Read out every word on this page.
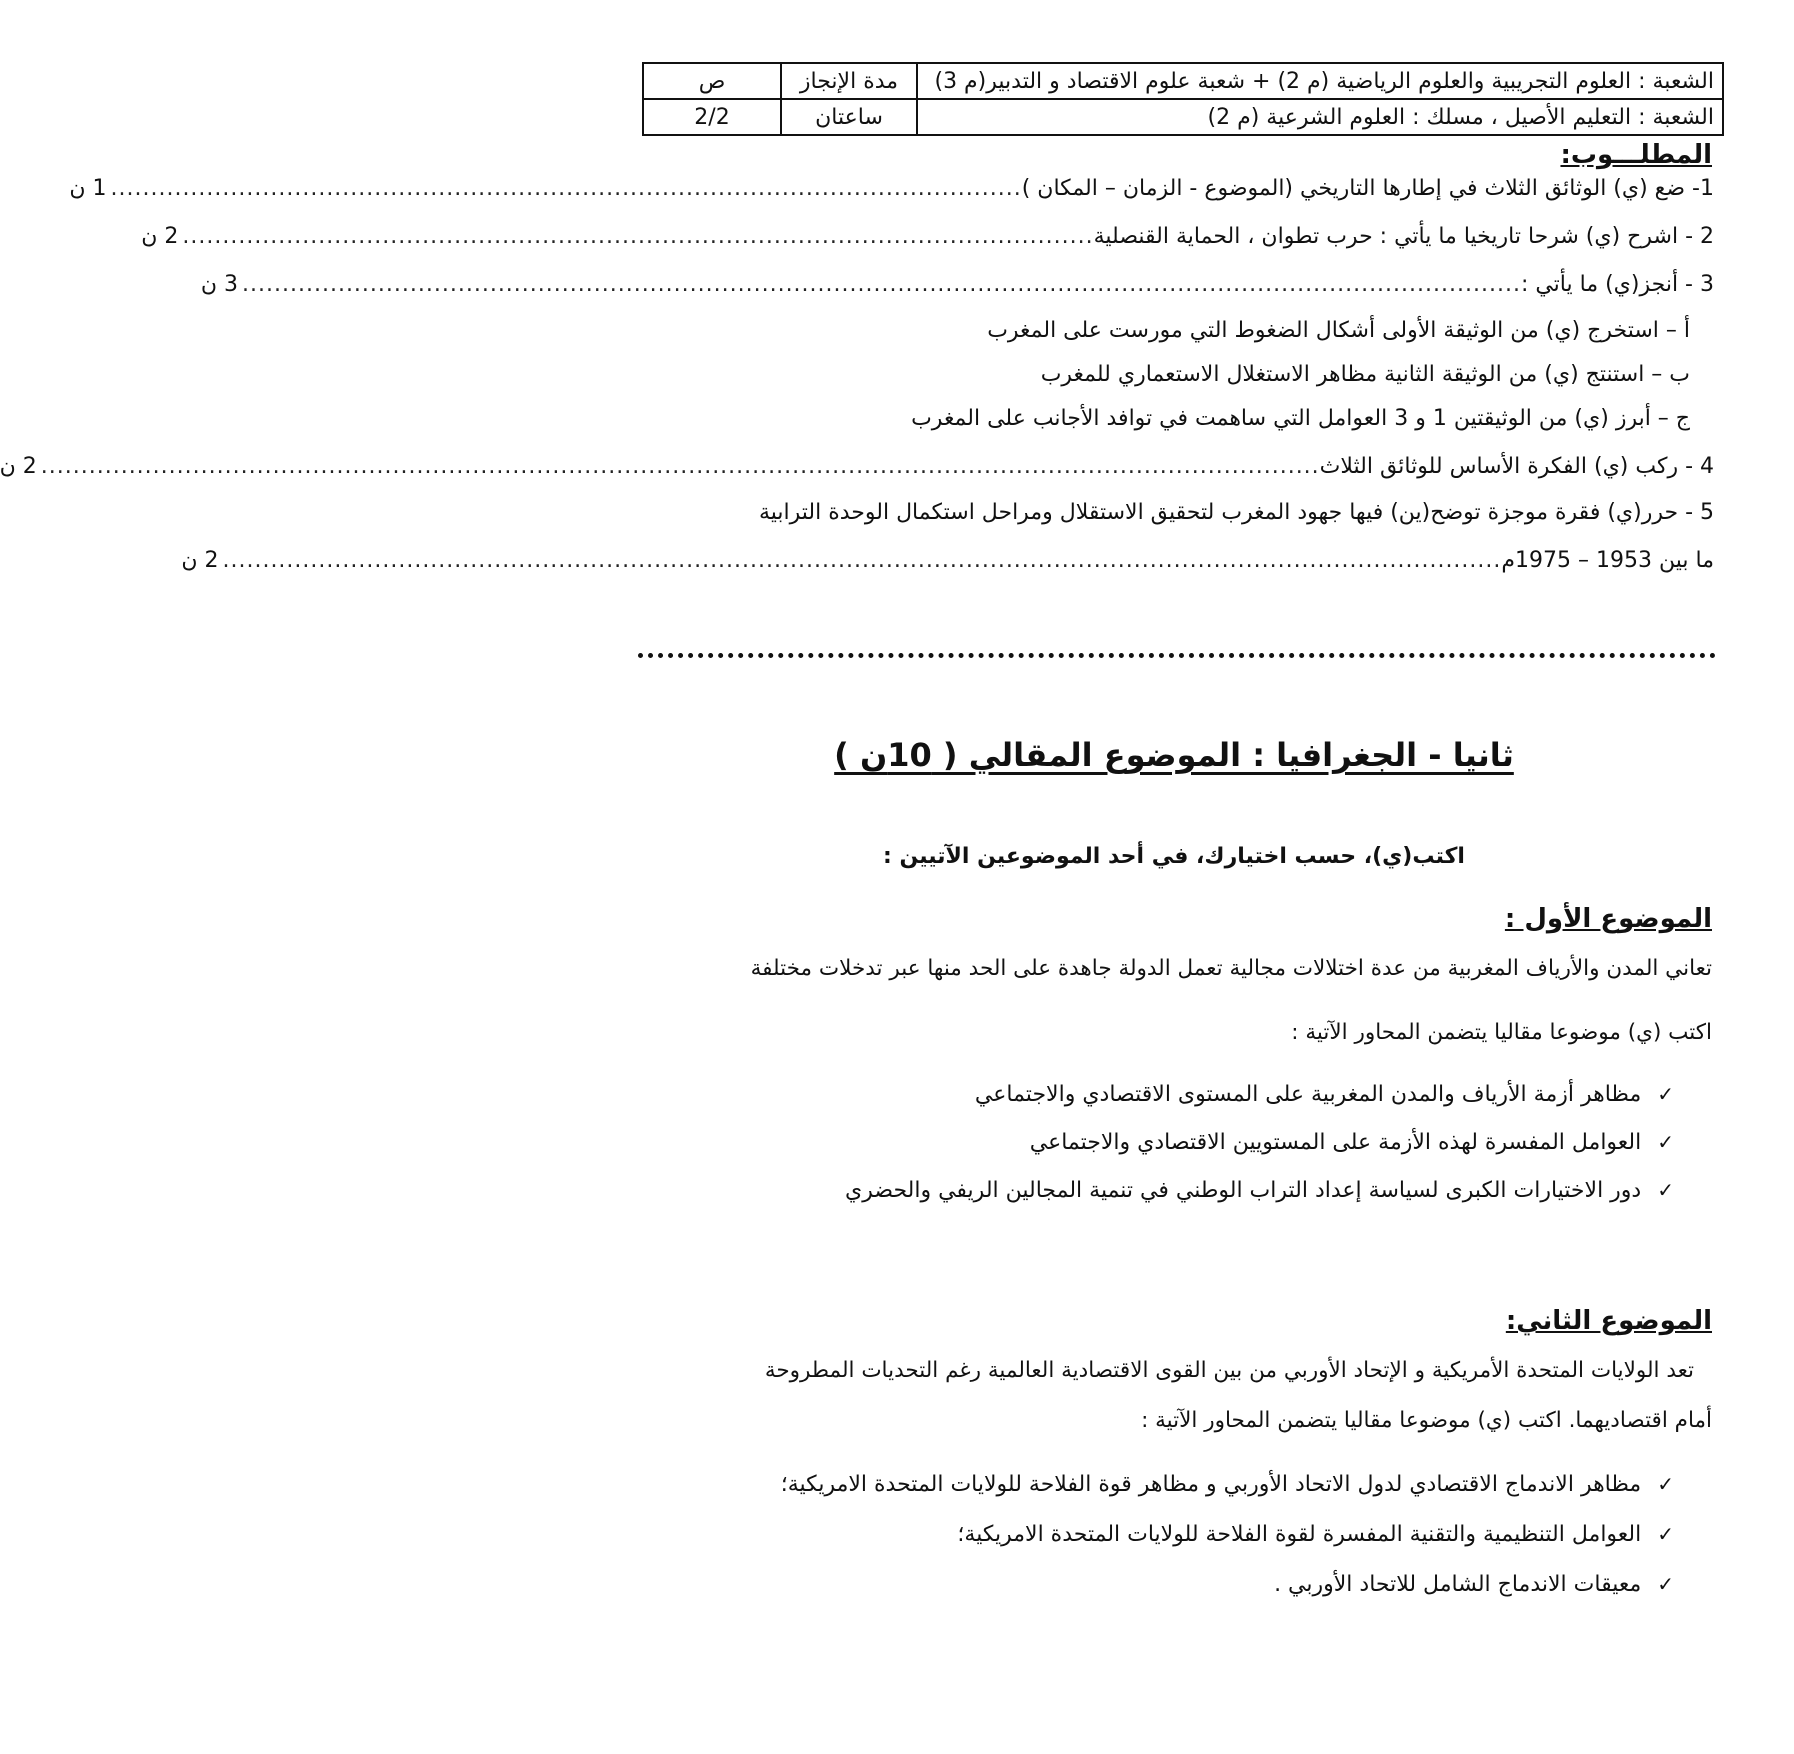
الشعبة : العلوم التجريبية والعلوم الرياضية (م 2) + شعبة علوم الاقتصاد و التدبير(م 3)	مدة الإنجاز	ص
الشعبة : التعليم الأصيل ، مسلك : العلوم الشرعية (م 2)	ساعتان	2/2
المطلـــوب:
1- ضع (ي) الوثائق الثلاث في إطارها التاريخي (الموضوع - الزمان – المكان )
..................................................................................................................
1 ن
2 - اشرح (ي) شرحا تاريخيا ما يأتي : حرب تطوان ، الحماية القنصلية
..................................................................................................................
2 ن
3 - أنجز(ي) ما يأتي :
................................................................................................................................................................
3 ن
أ – استخرج (ي) من الوثيقة الأولى أشكال الضغوط التي مورست على المغرب
ب – استنتج (ي) من الوثيقة الثانية مظاهر الاستغلال الاستعماري للمغرب
ج – أبرز (ي) من الوثيقتين 1 و 3 العوامل التي ساهمت في توافد الأجانب على المغرب
4 - ركب (ي) الفكرة الأساس للوثائق الثلاث
................................................................................................................................................................
2 ن
5 - حرر(ي) فقرة موجزة توضح(ين) فيها جهود المغرب لتحقيق الاستقلال ومراحل استكمال الوحدة الترابية
ما بين 1953 – 1975م
................................................................................................................................................................
2 ن
ثانيا - الجغرافيا : الموضوع المقالي ( 10ن )
اكتب(ي)، حسب اختيارك، في أحد الموضوعين الآتيين :
الموضوع الأول :
تعاني المدن والأرياف المغربية من عدة اختلالات مجالية تعمل الدولة جاهدة على الحد منها عبر تدخلات مختلفة
اكتب (ي) موضوعا مقاليا يتضمن المحاور الآتية :
✓
مظاهر أزمة الأرياف والمدن المغربية على المستوى الاقتصادي والاجتماعي
✓
العوامل المفسرة لهذه الأزمة على المستويين الاقتصادي والاجتماعي
✓
دور الاختيارات الكبرى لسياسة إعداد التراب الوطني في تنمية المجالين الريفي والحضري
الموضوع الثاني:
تعد الولايات المتحدة الأمريكية و الإتحاد الأوربي من بين القوى الاقتصادية العالمية رغم التحديات المطروحة
أمام اقتصاديهما. اكتب (ي) موضوعا مقاليا يتضمن المحاور الآتية :
✓
مظاهر الاندماج الاقتصادي لدول الاتحاد الأوربي و مظاهر قوة الفلاحة للولايات المتحدة الامريكية؛
✓
العوامل التنظيمية والتقنية المفسرة لقوة الفلاحة للولايات المتحدة الامريكية؛
✓
معيقات الاندماج الشامل للاتحاد الأوربي .
